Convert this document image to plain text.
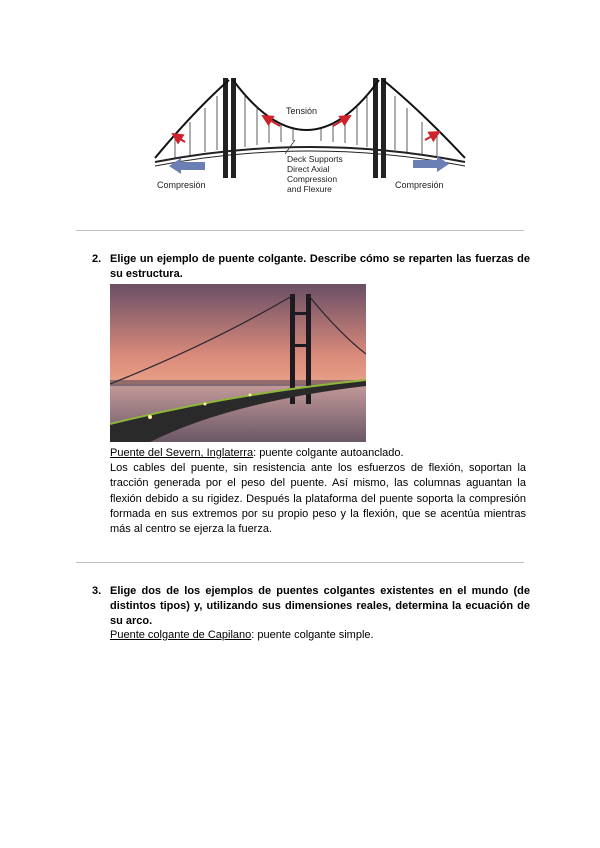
Tensión
Compresión	Compresión
Deck Supports
Direct Axial
Compression
and Flexure
2. Elige un ejemplo de puente colgante. Describe cómo se reparten las fuerzas de su estructura.
Puente del Severn, Inglaterra: puente colgante autoanclado.
Los cables del puente, sin resistencia ante los esfuerzos de flexión, soportan la tracción generada por el peso del puente. Así mismo, las columnas aguantan la flexión debido a su rigidez. Después la plataforma del puente soporta la compresión formada en sus extremos por su propio peso y la flexión, que se acentúa mientras más al centro se ejerza la fuerza.
3. Elige dos de los ejemplos de puentes colgantes existentes en el mundo (de distintos tipos) y, utilizando sus dimensiones reales, determina la ecuación de su arco.
Puente colgante de Capilano: puente colgante simple.
